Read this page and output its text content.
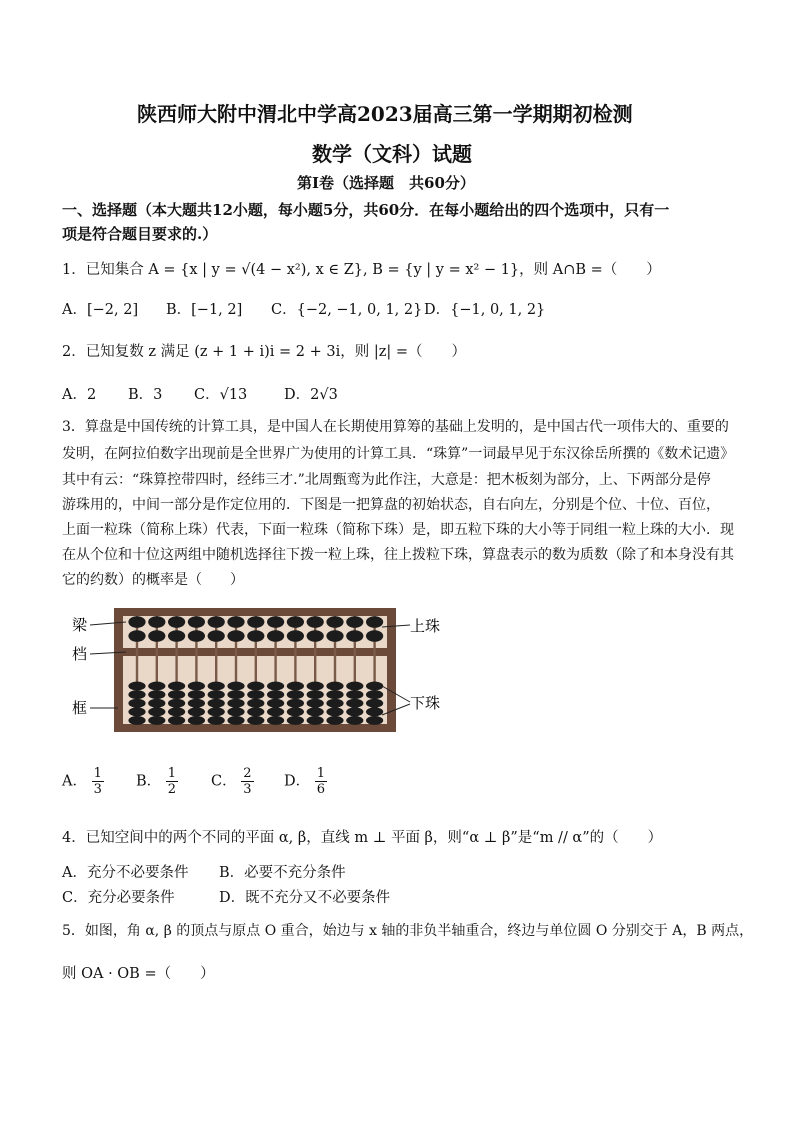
陕西师大附中渭北中学高2023届高三第一学期期初检测
数学（文科）试题
第Ⅰ卷（选择题　共60分）
一、选择题（本大题共12小题，每小题5分，共60分．在每小题给出的四个选项中，只有一
项是符合题目要求的.）
1．已知集合 A = {x | y = √(4 − x²), x ∈ Z}, B = {y | y = x² − 1}，则 A∩B =（　　）
A．[−2, 2] B．[−1, 2] C．{−2, −1, 0, 1, 2} D．{−1, 0, 1, 2}
2．已知复数 z 满足 (z + 1 + i)i = 2 + 3i，则 |z| =（　　）
A．2 B．3 C．√13	D．2√3
3．算盘是中国传统的计算工具，是中国人在长期使用算筹的基础上发明的，是中国古代一项伟大的、重要的
发明，在阿拉伯数字出现前是全世界广为使用的计算工具．“珠算”一词最早见于东汉徐岳所撰的《数术记遗》
其中有云：“珠算控带四时，经纬三才.”北周甄鸾为此作注，大意是：把木板刻为部分，上、下两部分是停
游珠用的，中间一部分是作定位用的．下图是一把算盘的初始状态，自右向左，分别是个位、十位、百位，
上面一粒珠（简称上珠）代表，下面一粒珠（简称下珠）是，即五粒下珠的大小等于同组一粒上珠的大小．现
在从个位和十位这两组中随机选择往下拨一粒上珠，往上拨粒下珠，算盘表示的数为质数（除了和本身没有其
它的约数）的概率是（　　）
梁
档
框
上珠
下珠
A． $\frac{1}{3}$ B． $\frac{1}{2}$ C． $\frac{2}{3}$ D． $\frac{1}{6}$
4．已知空间中的两个不同的平面 α, β，直线 m ⊥ 平面 β，则“α ⊥ β”是“m // α”的（　　）
A．充分不必要条件 B．必要不充分条件
C．充分必要条件	D．既不充分又不必要条件
5．如图，角 α, β 的顶点与原点 O 重合，始边与 x 轴的非负半轴重合，终边与单位圆 O 分别交于 A，B 两点，
则 OA · OB =（　　）
